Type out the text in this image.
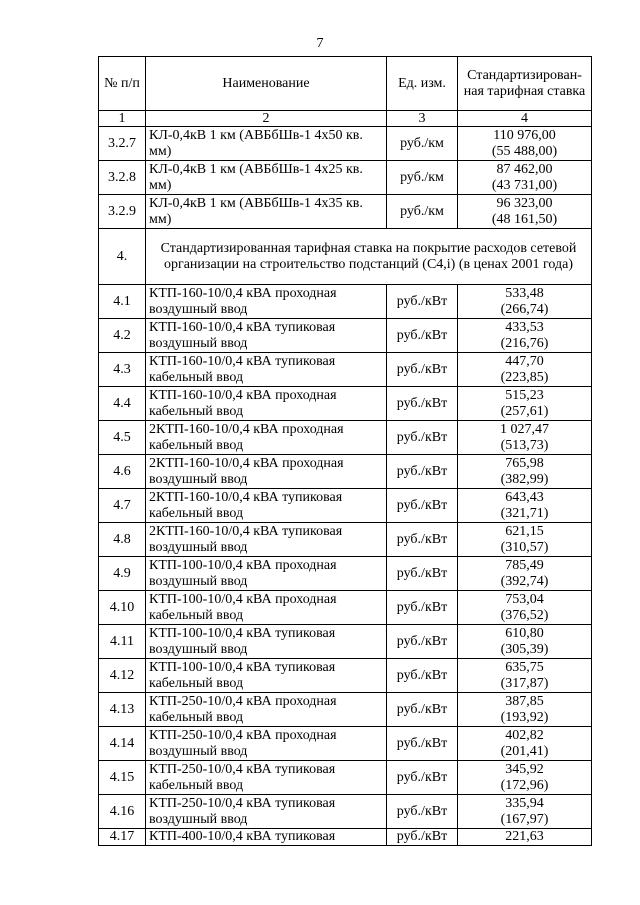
7
№ п/п	Наименование	Ед. изм.	Стандартизирован-ная тарифная ставка
1	2	3	4
3.2.7	КЛ-0,4кВ 1 км (АВБбШв-1 4х50 кв. мм)	руб./км	110 976,00
(55 488,00)

3.2.8	КЛ-0,4кВ 1 км (АВБбШв-1 4х25 кв. мм)	руб./км	87 462,00
(43 731,00)

3.2.9	КЛ-0,4кВ 1 км (АВБбШв-1 4х35 кв. мм)	руб./км	96 323,00
(48 161,50)

4.	Стандартизированная тарифная ставка на покрытие расходов сетевой организации на строительство подстанций (С4,i) (в ценах 2001 года)		
4.1	КТП-160-10/0,4 кВА проходная воздушный ввод	руб./кВт	533,48
(266,74)

4.2	КТП-160-10/0,4 кВА тупиковая воздушный ввод	руб./кВт	433,53
(216,76)

4.3	КТП-160-10/0,4 кВА тупиковая кабельный ввод	руб./кВт	447,70
(223,85)

4.4	КТП-160-10/0,4 кВА проходная кабельный ввод	руб./кВт	515,23
(257,61)

4.5	2КТП-160-10/0,4 кВА проходная кабельный ввод	руб./кВт	1 027,47
(513,73)

4.6	2КТП-160-10/0,4 кВА проходная воздушный ввод	руб./кВт	765,98
(382,99)

4.7	2КТП-160-10/0,4 кВА тупиковая кабельный ввод	руб./кВт	643,43
(321,71)

4.8	2КТП-160-10/0,4 кВА тупиковая воздушный ввод	руб./кВт	621,15
(310,57)

4.9	КТП-100-10/0,4 кВА проходная воздушный ввод	руб./кВт	785,49
(392,74)

4.10	КТП-100-10/0,4 кВА проходная кабельный ввод	руб./кВт	753,04
(376,52)

4.11	КТП-100-10/0,4 кВА тупиковая воздушный ввод	руб./кВт	610,80
(305,39)

4.12	КТП-100-10/0,4 кВА тупиковая кабельный ввод	руб./кВт	635,75
(317,87)

4.13	КТП-250-10/0,4 кВА проходная кабельный ввод	руб./кВт	387,85
(193,92)

4.14	КТП-250-10/0,4 кВА проходная воздушный ввод	руб./кВт	402,82
(201,41)

4.15	КТП-250-10/0,4 кВА тупиковая кабельный ввод	руб./кВт	345,92
(172,96)

4.16	КТП-250-10/0,4 кВА тупиковая воздушный ввод	руб./кВт	335,94
(167,97)

4.17	КТП-400-10/0,4 кВА тупиковая	руб./кВт	221,63
